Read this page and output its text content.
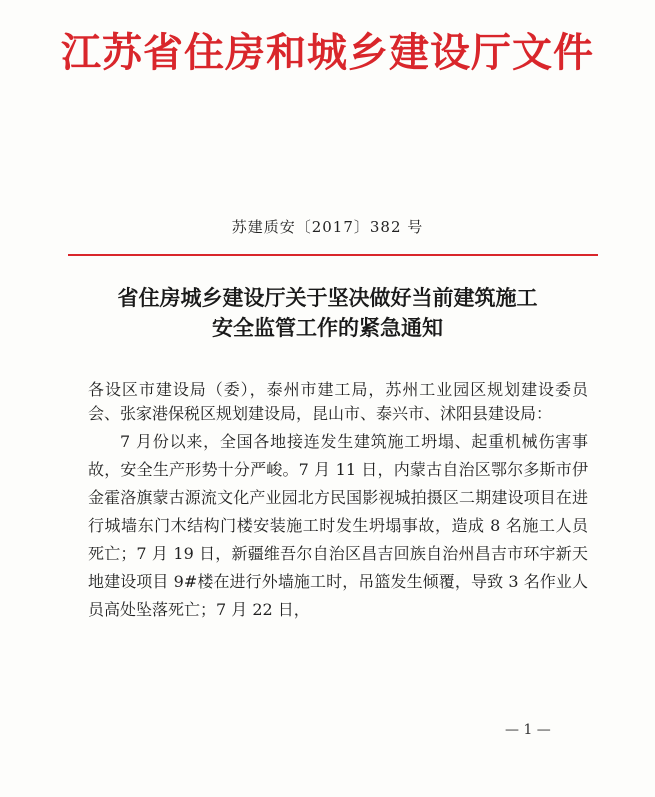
江苏省住房和城乡建设厅文件
苏建质安〔2017〕382 号
省住房城乡建设厅关于坚决做好当前建筑施工
安全监管工作的紧急通知

各设区市建设局（委），泰州市建工局，苏州工业园区规划建设委员会、张家港保税区规划建设局，昆山市、泰兴市、沭阳县建设局：

7 月份以来，全国各地接连发生建筑施工坍塌、起重机械伤害事故，安全生产形势十分严峻。7 月 11 日，内蒙古自治区鄂尔多斯市伊金霍洛旗蒙古源流文化产业园北方民国影视城拍摄区二期建设项目在进行城墙东门木结构门楼安装施工时发生坍塌事故，造成 8 名施工人员死亡；7 月 19 日，新疆维吾尔自治区昌吉回族自治州昌吉市环宇新天地建设项目 9#楼在进行外墙施工时，吊篮发生倾覆，导致 3 名作业人员高处坠落死亡；7 月 22 日，

— 1 —
